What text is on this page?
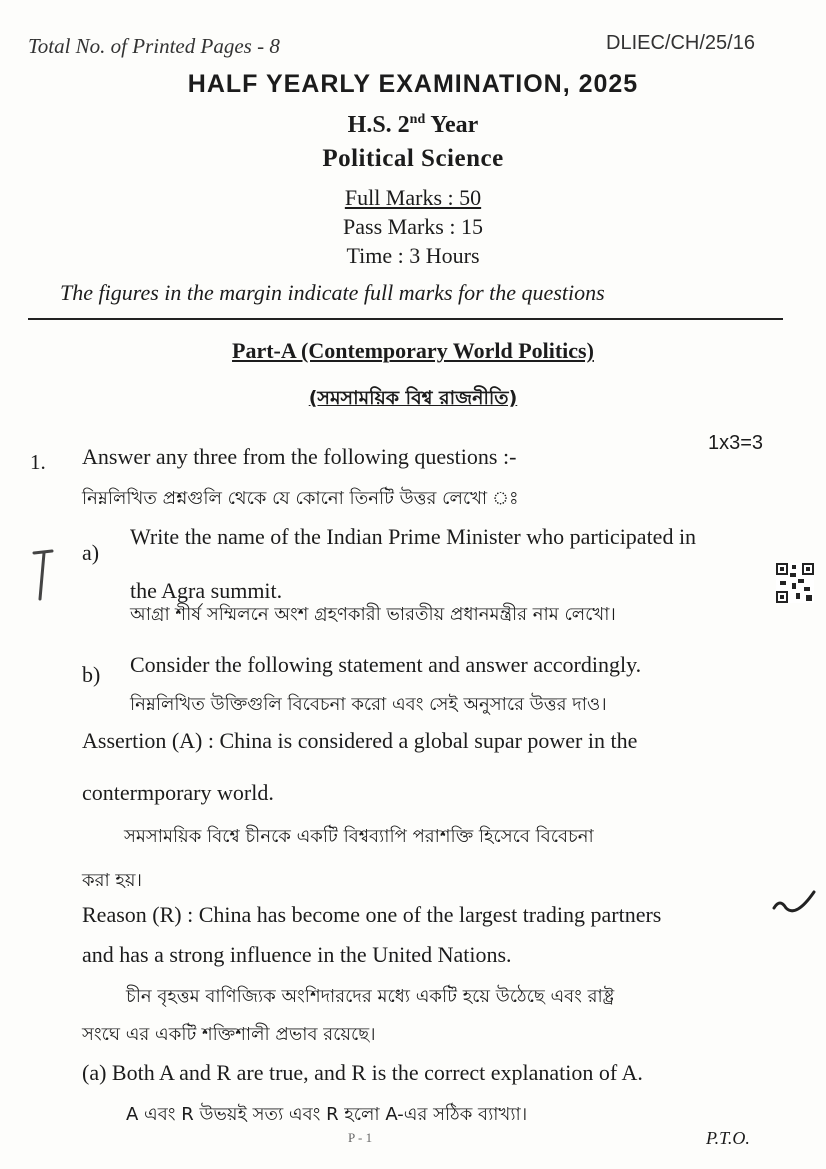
Total No. of Printed Pages - 8	DLIEC/CH/25/16
HALF YEARLY EXAMINATION, 2025
H.S. 2nd Year
Political Science
Full Marks : 50
Pass Marks : 15
Time : 3 Hours
The figures in the margin indicate full marks for the questions
Part-A (Contemporary World Politics)
(সমসাময়িক বিশ্ব রাজনীতি)
1. Answer any three from the following questions :-
1x3=3
নিম্নলিখিত প্রশ্নগুলি থেকে যে কোনো তিনটি উত্তর লেখো ঃ
a)
Write the name of the Indian Prime Minister who participated in
the Agra summit.
আগ্রা শীর্ষ সম্মিলনে অংশ গ্রহণকারী ভারতীয় প্রধানমন্ত্রীর নাম লেখো।
b) Consider the following statement and answer accordingly.
নিম্নলিখিত উক্তিগুলি বিবেচনা করো এবং সেই অনুসারে উত্তর দাও।
Assertion (A) : China is considered a global supar power in the
contermporary world.
সমসাময়িক বিশ্বে চীনকে একটি বিশ্বব্যাপি পরাশক্তি হিসেবে বিবেচনা
করা হয়।
Reason (R) : China has become one of the largest trading partners
and has a strong influence in the United Nations.
চীন বৃহত্তম বাণিজ্যিক অংশিদারদের মধ্যে একটি হয়ে উঠেছে এবং রাষ্ট্র
সংঘে এর একটি শক্তিশালী প্রভাব রয়েছে।
(a) Both A and R are true, and R is the correct explanation of A.
A এবং R উভয়ই সত্য এবং R হলো A-এর সঠিক ব্যাখ্যা।
P - 1	P.T.O.
